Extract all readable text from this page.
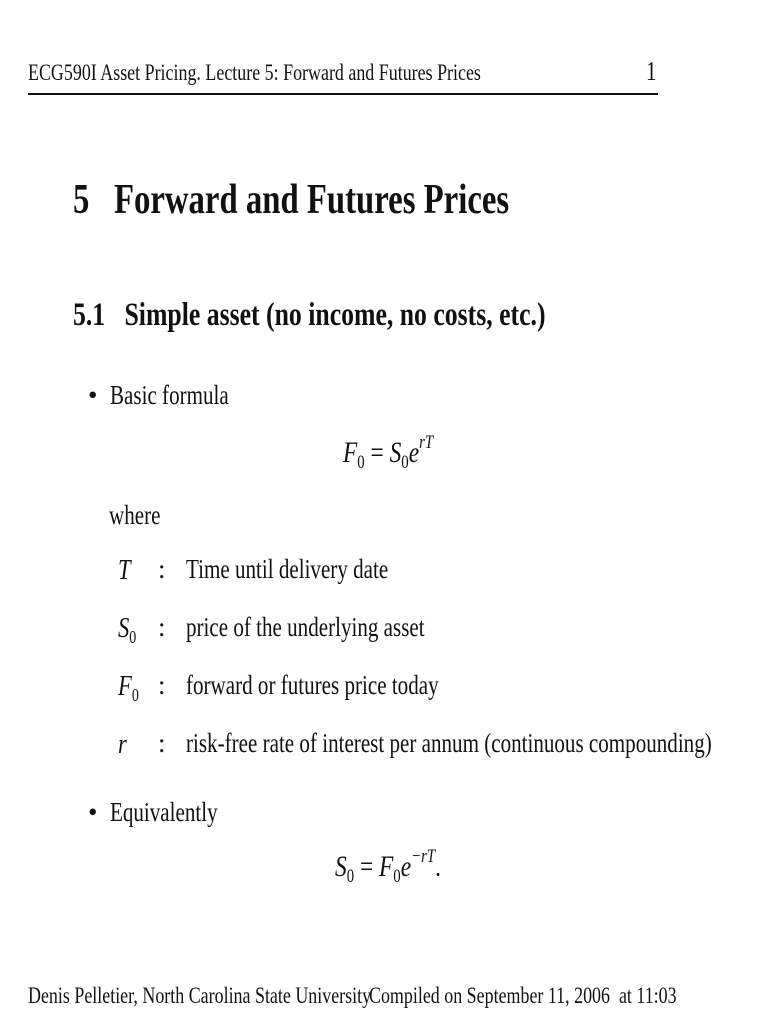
ECG590I Asset Pricing. Lecture 5: Forward and Futures Prices	1
5 Forward and Futures Prices
5.1 Simple asset (no income, no costs, etc.)
• Basic formula
$F_0 = S_0e^{rT}$
where
T : Time until delivery date
$S_0$ : price of the underlying asset
$F_0$ : forward or futures price today
r : risk-free rate of interest per annum (continuous compounding)
• Equivalently
$S_0 = F_0e^{-rT}$.
Denis Pelletier, North Carolina State University
Compiled on September 11, 2006  at 11:03
